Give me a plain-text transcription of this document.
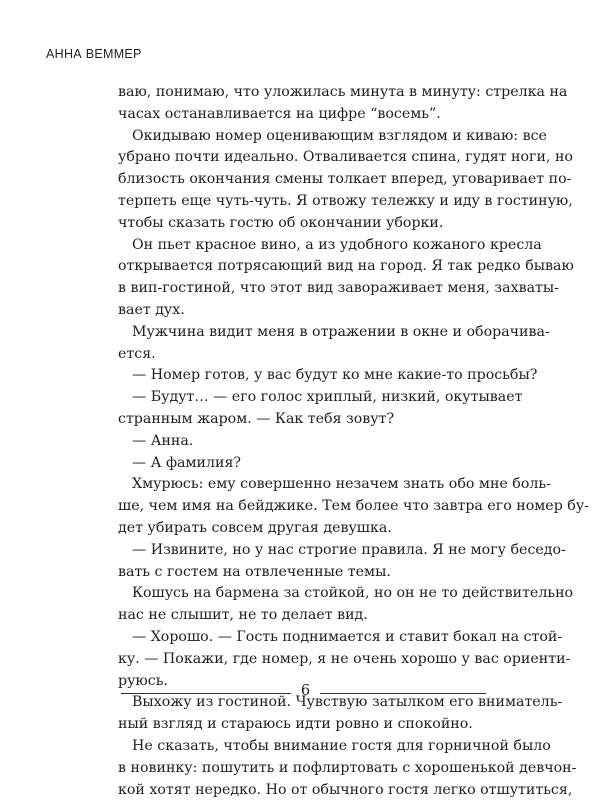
АННА ВЕММЕР
ваю, понимаю, что уложилась минута в минуту: стрелка на
часах останавливается на цифре “восемь”.
Окидываю номер оценивающим взглядом и киваю: все
убрано почти идеально. Отваливается спина, гудят ноги, но
близость окончания смены толкает вперед, уговаривает по-
терпеть еще чуть-чуть. Я отвожу тележку и иду в гостиную,
чтобы сказать гостю об окончании уборки.
Он пьет красное вино, а из удобного кожаного кресла
открывается потрясающий вид на город. Я так редко бываю
в вип-гостиной, что этот вид завораживает меня, захваты-
вает дух.
Мужчина видит меня в отражении в окне и оборачива-
ется.
— Номер готов, у вас будут ко мне какие-то просьбы?
— Будут… — его голос хриплый, низкий, окутывает
странным жаром. — Как тебя зовут?
— Анна.
— А фамилия?
Хмурюсь: ему совершенно незачем знать обо мне боль-
ше, чем имя на бейджике. Тем более что завтра его номер бу-
дет убирать совсем другая девушка.
— Извините, но у нас строгие правила. Я не могу беседо-
вать с гостем на отвлеченные темы.
Кошусь на бармена за стойкой, но он не то действительно
нас не слышит, не то делает вид.
— Хорошо. — Гость поднимается и ставит бокал на стой-
ку. — Покажи, где номер, я не очень хорошо у вас ориенти-
руюсь.
Выхожу из гостиной. Чувствую затылком его вниматель-
ный взгляд и стараюсь идти ровно и спокойно.
Не сказать, чтобы внимание гостя для горничной было
в новинку: пошутить и пофлиртовать с хорошенькой девчон-
кой хотят нередко. Но от обычного гостя легко отшутиться,
6
